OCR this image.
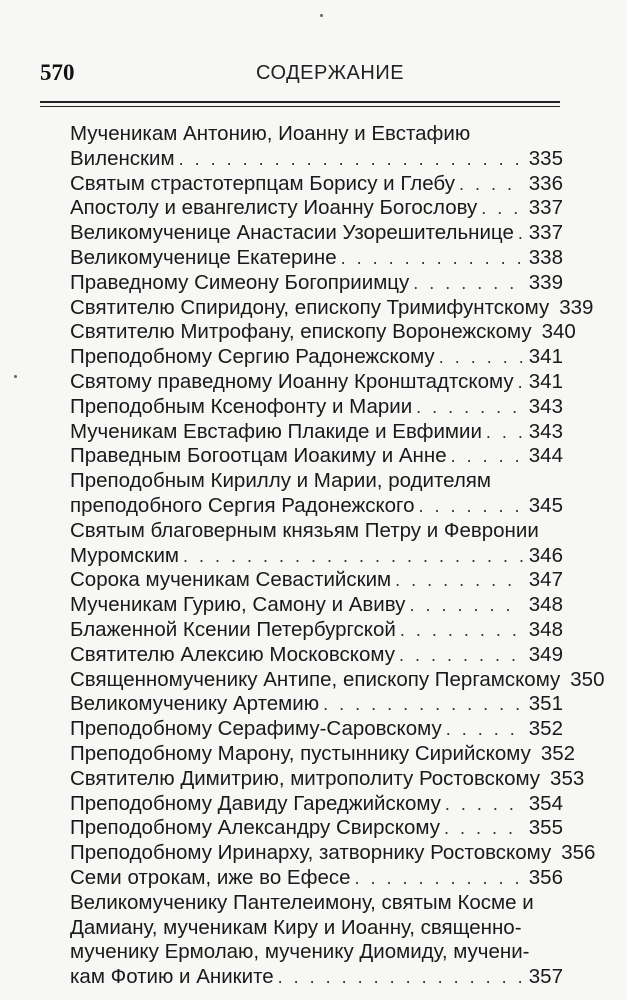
570	СОДЕРЖАНИЕ
Мученикам Антонию, Иоанну и Евстафию
Виленским . . .	335
Святым страстотерпцам Борису и Глебу . . .	336
Апостолу и евангелисту Иоанну Богослову . . .	337
Великомученице Анастасии Узорешительнице . . . 337
Великомученице Екатерине . . .	338
Праведному Симеону Богоприимцу . . .	339
Святителю Спиридону, епископу Тримифунтскому 339
Святителю Митрофану, епископу Воронежскому 340
Преподобному Сергию Радонежскому . . .	341
Святому праведному Иоанну Кронштадтскому . . . 341
Преподобным Ксенофонту и Марии . . .	343
Мученикам Евстафию Плакиде и Евфимии . . . 343
Праведным Богоотцам Иоакиму и Анне . . .	344
Преподобным Кириллу и Марии, родителям
преподобного Сергия Радонежского . . .	345
Святым благоверным князьям Петру и Февронии
Муромским . . .	346
Сорока мученикам Севастийским . . .	347
Мученикам Гурию, Самону и Авиву . . .	348
Блаженной Ксении Петербургской . . .	348
Святителю Алексию Московскому . . .	349
Священномученику Антипе, епископу Пергамскому 350
Великомученику Артемию . . .	351
Преподобному Серафиму-Саровскому . . .	352
Преподобному Марону, пустыннику Сирийскому 352
Святителю Димитрию, митрополиту Ростовскому 353
Преподобному Давиду Гареджийскому . . .	354
Преподобному Александру Свирскому . . .	355
Преподобному Иринарху, затворнику Ростовскому 356
Семи отрокам, иже во Ефесе . . .	356
Великомученику Пантелеимону, святым Косме и
Дамиану, мученикам Киру и Иоанну, священно-
мученику Ермолаю, мученику Диомиду, мучени-
кам Фотию и Аниките . . .	357
